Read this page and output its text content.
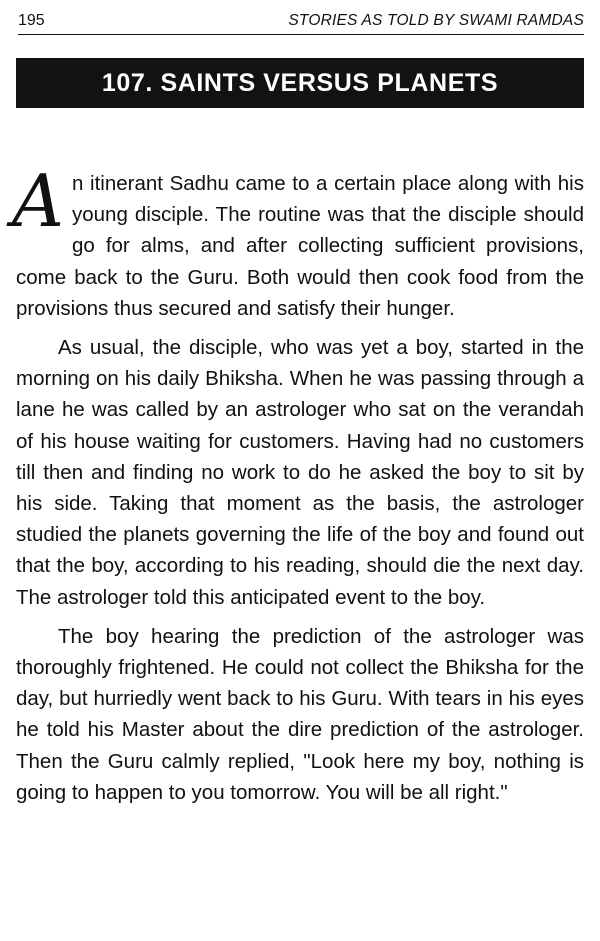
195	STORIES AS TOLD BY SWAMI RAMDAS
107. SAINTS VERSUS PLANETS

An itinerant Sadhu came to a certain place along with his young disciple. The routine was that the disciple should go for alms, and after collecting sufficient provisions, come back to the Guru. Both would then cook food from the provisions thus secured and satisfy their hunger.

As usual, the disciple, who was yet a boy, started in the morning on his daily Bhiksha. When he was passing through a lane he was called by an astrologer who sat on the verandah of his house waiting for customers. Having had no customers till then and finding no work to do he asked the boy to sit by his side. Taking that moment as the basis, the astrologer studied the planets governing the life of the boy and found out that the boy, according to his reading, should die the next day. The astrologer told this anticipated event to the boy.

The boy hearing the prediction of the astrologer was thoroughly frightened. He could not collect the Bhiksha for the day, but hurriedly went back to his Guru. With tears in his eyes he told his Master about the dire prediction of the astrologer. Then the Guru calmly replied, "Look here my boy, nothing is going to happen to you tomorrow. You will be all right."
